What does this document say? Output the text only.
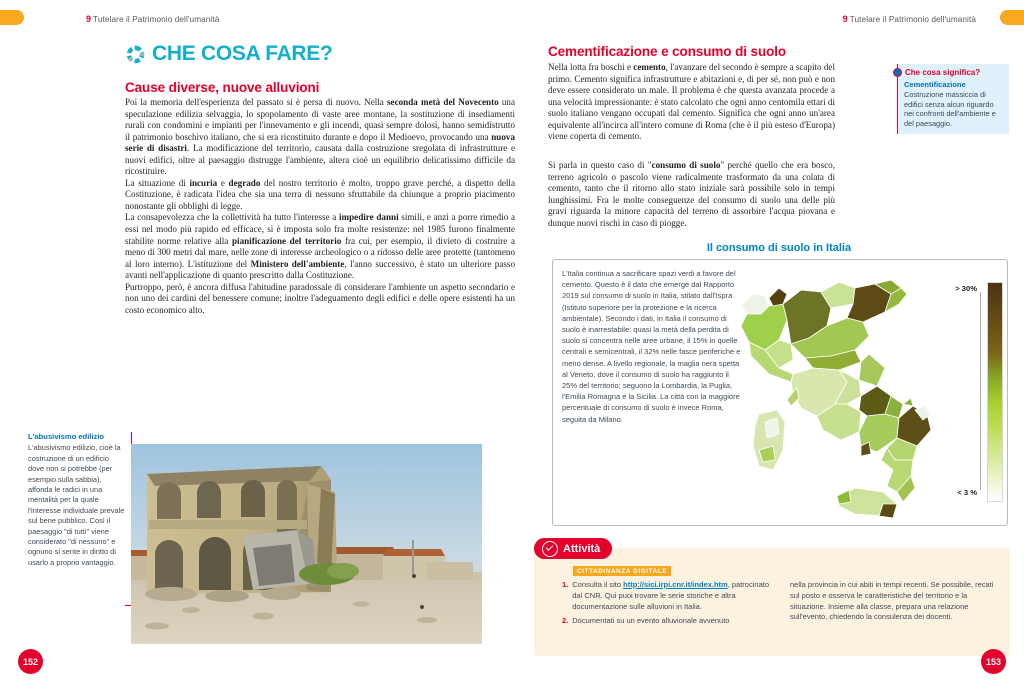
9 Tutelare il Patrimonio dell'umanità
CHE COSA FARE?
Cause diverse, nuove alluvioni
Poi la memoria dell'esperienza del passato si è persa di nuovo. Nella seconda metà del Novecento una speculazione edilizia selvaggia, lo spopolamento di vaste aree montane, la sostituzione di insediamenti rurali con condomìni e impianti per l'innevamento e gli incendi, quasi sempre dolosi, hanno semidistrutto il patrimonio boschivo italiano, che si era ricostituito durante e dopo il Medioevo, provocando una nuova serie di disastri. La modificazione del territorio, causata dalla costruzione sregolata di infrastrutture e nuovi edifici, oltre al paesaggio distrugge l'ambiente, altera cioè un equilibrio delicatissimo difficile da ricostituire.
La situazione di incuria e degrado del nostro territorio è molto, troppo grave perché, a dispetto della Costituzione, è radicata l'idea che sia una terra di nessuno sfruttabile da chiunque a proprio piacimento nonostante gli obblighi di legge.
La consapevolezza che la collettività ha tutto l'interesse a impedire danni simili, e anzi a porre rimedio a essi nel modo più rapido ed efficace, si è imposta solo fra molte resistenze: nel 1985 furono finalmente stabilite norme relative alla pianificazione del territorio fra cui, per esempio, il divieto di costruire a meno di 300 metri dal mare, nelle zone di interesse archeologico o a ridosso delle aree protette (tantomeno al loro interno). L'istituzione del Ministero dell'ambiente, l'anno successivo, è stato un ulteriore passo avanti nell'applicazione di quanto prescritto dalla Costituzione.
Purtroppo, però, è ancora diffusa l'abitudine paradossale di considerare l'ambiente un aspetto secondario e non uno dei cardini del benessere comune; inoltre l'adeguamento degli edifici e delle opere esistenti ha un costo economico alto.
L'abusivismo edilizio
L'abusivismo edilizio, cioè la costruzione di un edificio dove non si potrebbe (per esempio sulla sabbia), affonda le radici in una mentalità per la quale l'interesse individuale prevale sul bene pubblico. Così il paesaggio "di tutti" viene considerato "di nessuno" e ognuno si sente in diritto di usarlo a proprio vantaggio.
152
9 Tutelare il Patrimonio dell'umanità
Cementificazione e consumo di suolo
Nella lotta fra boschi e cemento, l'avanzare del secondo è sempre a scapito del primo. Cemento significa infrastrutture e abitazioni e, di per sé, non può e non deve essere considerato un male. Il problema è che questa avanzata procede a una velocità impressionante: è stato calcolato che ogni anno centomila ettari di suolo italiano vengano occupati dal cemento. Significa che ogni anno un'area equivalente all'incirca all'intero comune di Roma (che è il più esteso d'Europa) viene coperta di cemento.
Si parla in questo caso di "consumo di suolo" perché quello che era bosco, terreno agricolo o pascolo viene radicalmente trasformato da una colata di cemento, tanto che il ritorno allo stato iniziale sarà possibile solo in tempi lunghissimi. Fra le molte conseguenze del consumo di suolo una delle più gravi riguarda la minore capacità del terreno di assorbire l'acqua piovana e dunque nuovi rischi in caso di piogge.
Che cosa significa?
Cementificazione
Costruzione massiccia di edifici senza alcun riguardo nei confronti dell'ambiente e del paesaggio.
Il consumo di suolo in Italia
L'Italia continua a sacrificare spazi verdi a favore del cemento. Questo è il dato che emerge dal Rapporto 2019 sul consumo di suolo in Italia, stilato dall'Ispra (Istituto superiore per la protezione e la ricerca ambientale). Secondo i dati, in Italia il consumo di suolo è inarrestabile: quasi la metà della perdita di suolo si concentra nelle aree urbane, il 15% in quelle centrali e semicentrali, il 32% nelle fasce periferiche e meno dense. A livello regionale, la maglia nera spetta al Veneto, dove il consumo di suolo ha raggiunto il 25% del territorio; seguono la Lombardia, la Puglia, l'Emilia Romagna e la Sicilia. La città con la maggiore percentuale di consumo di suolo è invece Roma, seguita da Milano.
> 30%
< 3 %
Attività
CITTADINANZA DIGITALE
1. Consulta il sito http://sici.irpi.cnr.it/index.htm, patrocinato dal CNR. Qui puoi trovare le serie storiche e altra documentazione sulle alluvioni in Italia.
2. Documentati su un evento alluvionale avvenuto
nella provincia in cui abiti in tempi recenti. Se possibile, recati sul posto e osserva le caratteristiche del territorio e la situazione. Insieme alla classe, prepara una relazione sull'evento, chiedendo la consulenza dei docenti.
153
